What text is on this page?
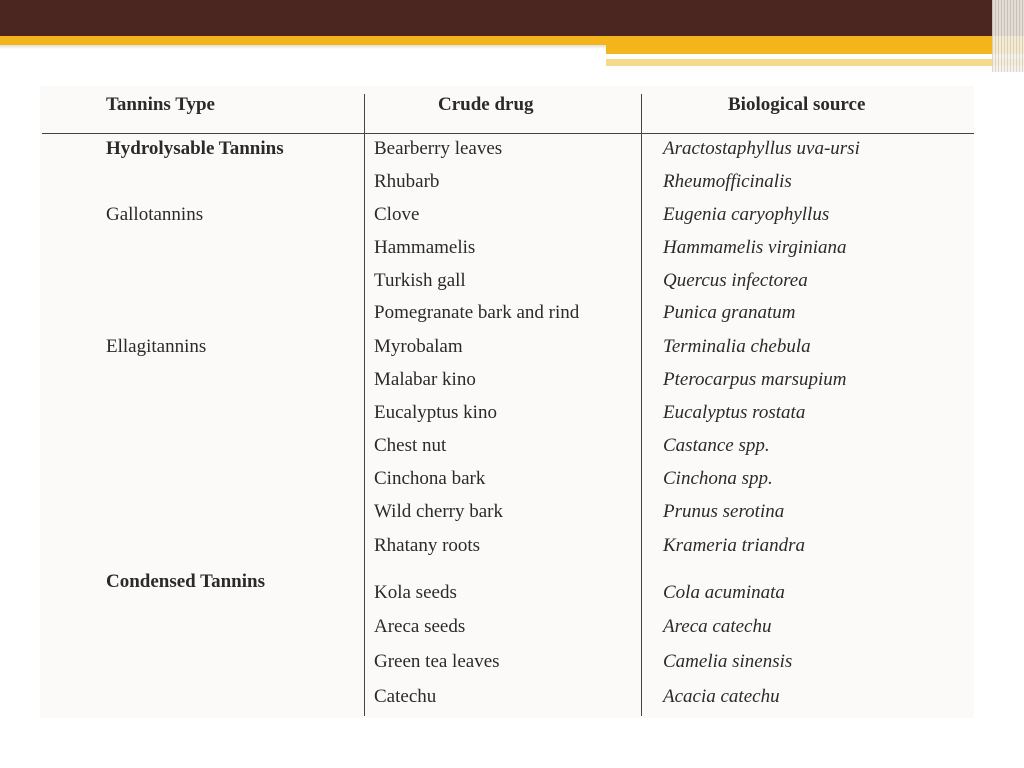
Tannins Type	Crude drug	Biological source
Hydrolysable Tannins
Gallotannins
Ellagitannins
Condensed Tannins
Bearberry leaves
Rhubarb
Clove
Hammamelis
Turkish gall
Pomegranate bark and rind
Myrobalam
Malabar kino
Eucalyptus kino
Chest nut
Cinchona bark
Wild cherry bark
Rhatany roots
Kola seeds
Areca seeds
Green tea leaves
Catechu
Aractostaphyllus uva-ursi
Rheumofficinalis
Eugenia caryophyllus
Hammamelis virginiana
Quercus infectorea
Punica granatum
Terminalia chebula
Pterocarpus marsupium
Eucalyptus rostata
Castance spp.
Cinchona spp.
Prunus serotina
Krameria triandra
Cola acuminata
Areca catechu
Camelia sinensis
Acacia catechu
